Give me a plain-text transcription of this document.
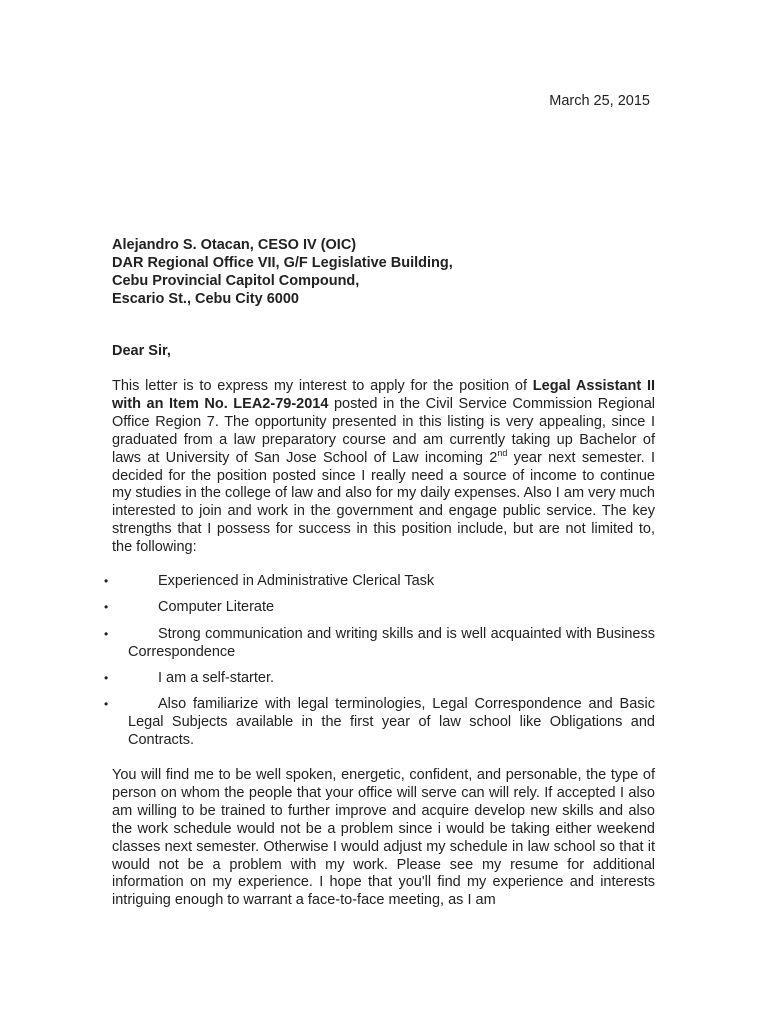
March 25, 2015
Alejandro S. Otacan, CESO IV (OIC)
DAR Regional Office VII, G/F Legislative Building,
Cebu Provincial Capitol Compound,
Escario St., Cebu City 6000
Dear Sir,

This letter is to express my interest to apply for the position of Legal Assistant II with an Item No. LEA2-79-2014 posted in the Civil Service Commission Regional Office Region 7. The opportunity presented in this listing is very appealing, since I graduated from a law preparatory course and am currently taking up Bachelor of laws at University of San Jose School of Law incoming 2nd year next semester. I decided for the position posted since I really need a source of income to continue my studies in the college of law and also for my daily expenses. Also I am very much interested to join and work in the government and engage public service. The key strengths that I possess for success in this position include, but are not limited to, the following:

•	Experienced in Administrative Clerical Task
•	Computer Literate
•	Strong communication and writing skills and is well acquainted with Business Correspondence
•	I am a self-starter.
•	Also familiarize with legal terminologies, Legal Correspondence and Basic Legal Subjects available in the first year of law school like Obligations and Contracts.

You will find me to be well spoken, energetic, confident, and personable, the type of person on whom the people that your office will serve can will rely. If accepted I also am willing to be trained to further improve and acquire develop new skills and also the work schedule would not be a problem since i would be taking either weekend classes next semester. Otherwise I would adjust my schedule in law school so that it would not be a problem with my work. Please see my resume for additional information on my experience. I hope that you'll find my experience and interests intriguing enough to warrant a face-to-face meeting, as I am
